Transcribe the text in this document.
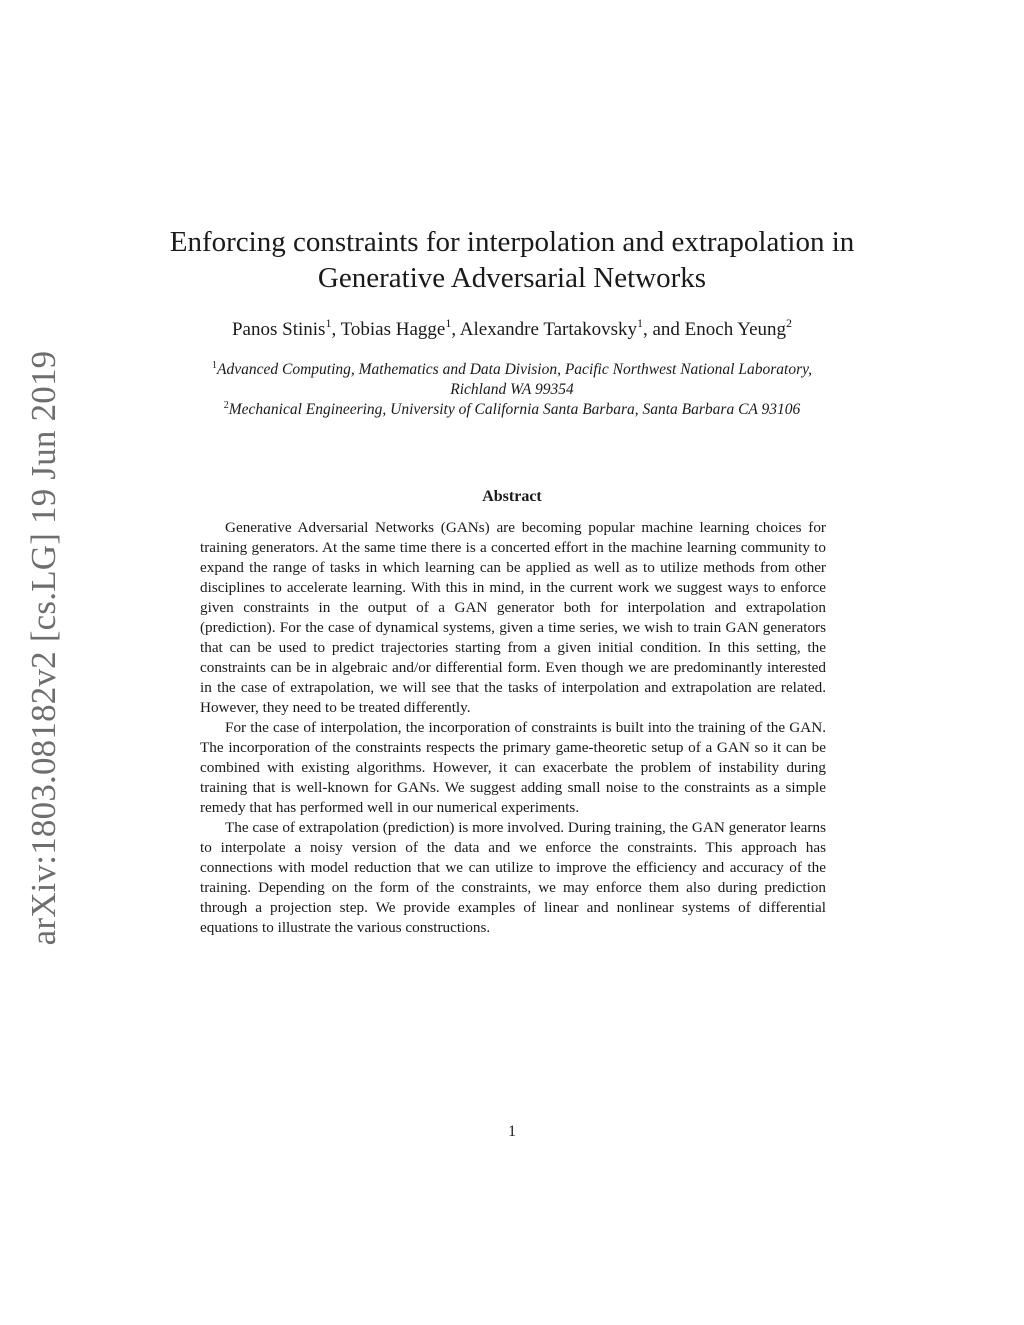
arXiv:1803.08182v2 [cs.LG] 19 Jun 2019
Enforcing constraints for interpolation and extrapolation in
Generative Adversarial Networks
Panos Stinis$^1$, Tobias Hagge$^1$, Alexandre Tartakovsky$^1$, and Enoch Yeung$^2$
$^1$Advanced Computing, Mathematics and Data Division, Pacific Northwest National Laboratory,
Richland WA 99354
$^2$Mechanical Engineering, University of California Santa Barbara, Santa Barbara CA 93106
Abstract

Generative Adversarial Networks (GANs) are becoming popular machine learning choices for training generators. At the same time there is a concerted effort in the machine learning community to expand the range of tasks in which learning can be applied as well as to utilize methods from other disciplines to accelerate learning. With this in mind, in the current work we suggest ways to enforce given constraints in the output of a GAN generator both for interpolation and extrapolation (prediction). For the case of dynamical systems, given a time series, we wish to train GAN generators that can be used to predict trajectories starting from a given initial condition. In this setting, the constraints can be in algebraic and/or differential form. Even though we are predominantly interested in the case of extrapolation, we will see that the tasks of interpolation and extrapolation are related. However, they need to be treated differently.

For the case of interpolation, the incorporation of constraints is built into the training of the GAN. The incorporation of the constraints respects the primary game-theoretic setup of a GAN so it can be combined with existing algorithms. However, it can exacerbate the problem of instability during training that is well-known for GANs. We suggest adding small noise to the constraints as a simple remedy that has performed well in our numerical experiments.

The case of extrapolation (prediction) is more involved. During training, the GAN generator learns to interpolate a noisy version of the data and we enforce the constraints. This approach has connections with model reduction that we can utilize to improve the efficiency and accuracy of the training. Depending on the form of the constraints, we may enforce them also during prediction through a projection step. We provide examples of linear and nonlinear systems of differential equations to illustrate the various constructions.

1
